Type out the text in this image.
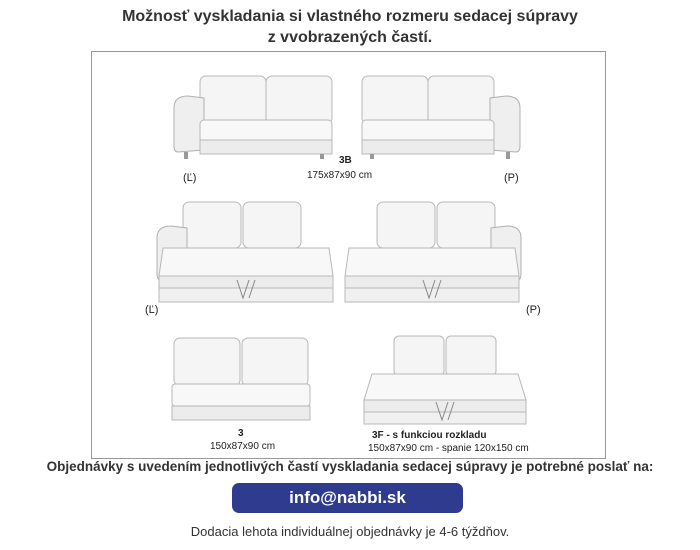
Možnosť vyskladania si vlastného rozmeru sedacej súpravy
z vvobrazených častí.
3B
175x87x90 cm
(Ľ)	(P)
(Ľ)	(P)
3
150x87x90 cm
3F - s funkciou rozkladu
150x87x90 cm - spanie 120x150 cm
Objednávky s uvedením jednotlivých častí vyskladania sedacej súpravy je potrebné poslať na:
info@nabbi.sk
Dodacia lehota individuálnej objednávky je 4-6 týždňov.
